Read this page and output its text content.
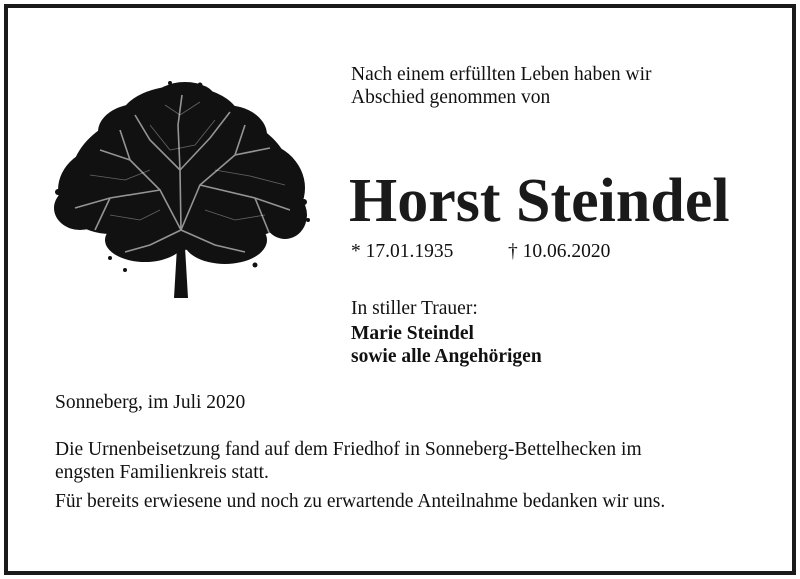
Nach einem erfüllten Leben haben wir
Abschied genommen von

Horst Steindel

* 17.01.1935	† 10.06.2020

In stiller Trauer:

Marie Steindel

sowie alle Angehörigen

Sonneberg, im Juli 2020

Die Urnenbeisetzung fand auf dem Friedhof in Sonneberg-Bettelhecken im
engsten Familienkreis statt.

Für bereits erwiesene und noch zu erwartende Anteilnahme bedanken wir uns.
